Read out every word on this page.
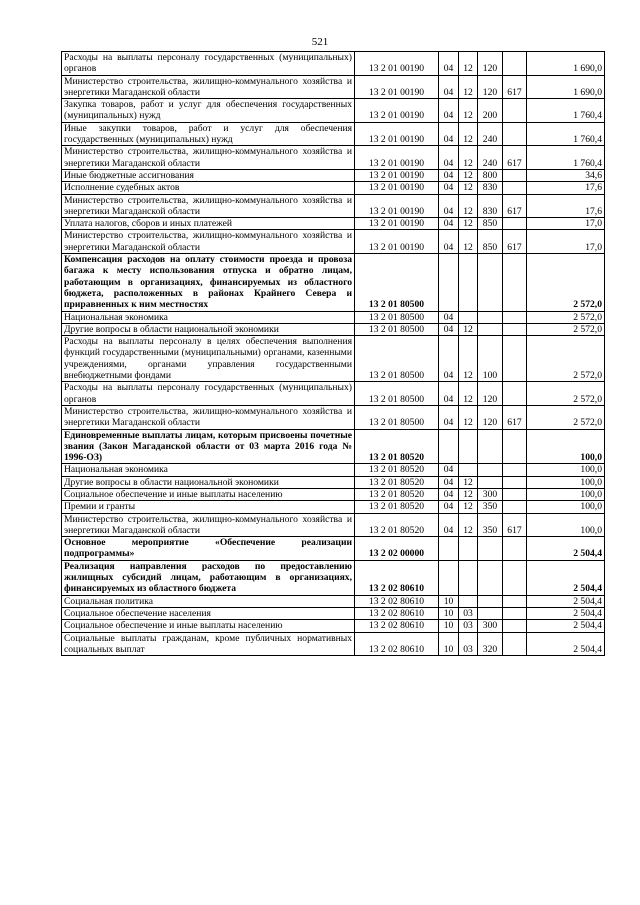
521
Расходы на выплаты персоналу государственных (муниципальных) органов	13 2 01 00190	04	12	120		1 690,0
Министерство строительства, жилищно-коммунального хозяйства и энергетики Магаданской области	13 2 01 00190	04	12	120	617	1 690,0
Закупка товаров, работ и услуг для обеспечения государственных (муниципальных) нужд	13 2 01 00190	04	12	200		1 760,4
Иные закупки товаров, работ и услуг для обеспечения государственных (муниципальных) нужд	13 2 01 00190	04	12	240		1 760,4
Министерство строительства, жилищно-коммунального хозяйства и энергетики Магаданской области	13 2 01 00190	04	12	240	617	1 760,4
Иные бюджетные ассигнования	13 2 01 00190	04	12	800		34,6
Исполнение судебных актов	13 2 01 00190	04	12	830		17,6
Министерство строительства, жилищно-коммунального хозяйства и энергетики Магаданской области	13 2 01 00190	04	12	830	617	17,6
Уплата налогов, сборов и иных платежей	13 2 01 00190	04	12	850		17,0
Министерство строительства, жилищно-коммунального хозяйства и энергетики Магаданской области	13 2 01 00190	04	12	850	617	17,0
Компенсация расходов на оплату стоимости проезда и провоза багажа к месту использования отпуска и обратно лицам, работающим в организациях, финансируемых из областного бюджета, расположенных в районах Крайнего Севера и приравненных к ним местностях	13 2 01 80500					2 572,0
Национальная экономика	13 2 01 80500	04				2 572,0
Другие вопросы в области национальной экономики	13 2 01 80500	04	12			2 572,0
Расходы на выплаты персоналу в целях обеспечения выполнения функций государственными (муниципальными) органами, казенными учреждениями, органами управления государственными внебюджетными фондами	13 2 01 80500	04	12	100		2 572,0
Расходы на выплаты персоналу государственных (муниципальных) органов	13 2 01 80500	04	12	120		2 572,0
Министерство строительства, жилищно-коммунального хозяйства и энергетики Магаданской области	13 2 01 80500	04	12	120	617	2 572,0
Единовременные выплаты лицам, которым присвоены почетные звания (Закон Магаданской области от 03 марта 2016 года № 1996-ОЗ)	13 2 01 80520					100,0
Национальная экономика	13 2 01 80520	04				100,0
Другие вопросы в области национальной экономики	13 2 01 80520	04	12			100,0
Социальное обеспечение и иные выплаты населению	13 2 01 80520	04	12	300		100,0
Премии и гранты	13 2 01 80520	04	12	350		100,0
Министерство строительства, жилищно-коммунального хозяйства и энергетики Магаданской области	13 2 01 80520	04	12	350	617	100,0
Основное мероприятие «Обеспечение реализации подпрограммы»	13 2 02 00000					2 504,4
Реализация направления расходов по предоставлению жилищных субсидий лицам, работающим в организациях, финансируемых из областного бюджета	13 2 02 80610					2 504,4
Социальная политика	13 2 02 80610	10				2 504,4
Социальное обеспечение населения	13 2 02 80610	10	03			2 504,4
Социальное обеспечение и иные выплаты населению	13 2 02 80610	10	03	300		2 504,4
Социальные выплаты гражданам, кроме публичных нормативных социальных выплат	13 2 02 80610	10	03	320		2 504,4
